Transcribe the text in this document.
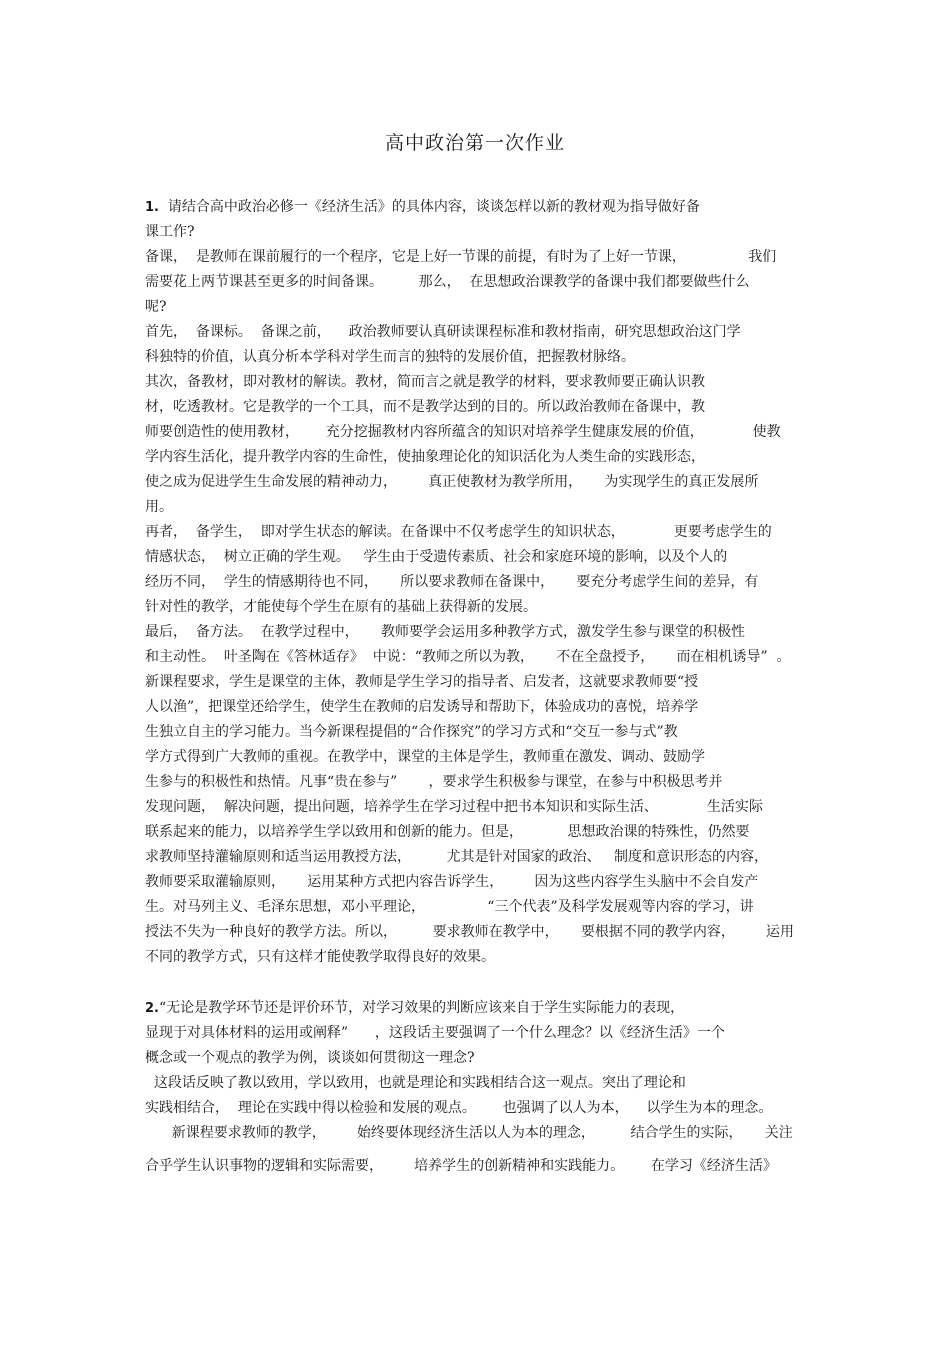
高中政治第一次作业
1. 请结合高中政治必修一《经济生活》的具体内容，谈谈怎样以新的教材观为指导做好备
课工作?
备课，  是教师在课前履行的一个程序，它是上好一节课的前提，有时为了上好一节课，              我们
需要花上两节课甚至更多的时间备课。        那么，  在思想政治课教学的备课中我们都要做些什么
呢?
首先，  备课标。  备课之前，    政治教师要认真研读课程标准和教材指南，研究思想政治这门学
科独特的价值，认真分析本学科对学生而言的独特的发展价值，把握教材脉络。
其次，备教材，即对教材的解读。教材，简而言之就是教学的材料，要求教师要正确认识教
材，吃透教材。它是教学的一个工具，而不是教学达到的目的。所以政治教师在备课中，教
师要创造性的使用教材，      充分挖掘教材内容所蕴含的知识对培养学生健康发展的价值，           使教
学内容生活化，提升教学内容的生命性，使抽象理论化的知识活化为人类生命的实践形态，
使之成为促进学生生命发展的精神动力，       真正使教材为教学所用，     为实现学生的真正发展所
用。
再者，  备学生，  即对学生状态的解读。在备课中不仅考虑学生的知识状态，           更要考虑学生的
情感状态，  树立正确的学生观。   学生由于受遗传素质、社会和家庭环境的影响，以及个人的
经历不同，  学生的情感期待也不同，     所以要求教师在备课中，     要充分考虑学生间的差异，有
针对性的教学，才能使每个学生在原有的基础上获得新的发展。
最后，  备方法。  在教学过程中，     教师要学会运用多种教学方式，激发学生参与课堂的积极性
和主动性。  叶圣陶在《答林适存》  中说：“教师之所以为教，     不在全盘授予，     而在相机诱导”  。
新课程要求，学生是课堂的主体，教师是学生学习的指导者、启发者，这就要求教师要“授
人以渔”，把课堂还给学生，使学生在教师的启发诱导和帮助下，体验成功的喜悦，培养学
生独立自主的学习能力。当今新课程提倡的“合作探究”的学习方式和“交互一参与式”教
学方式得到广大教师的重视。在教学中，课堂的主体是学生，教师重在激发、调动、鼓励学
生参与的积极性和热情。凡事“贵在参与”       ，要求学生积极参与课堂，在参与中积极思考并
发现问题，  解决问题，提出问题，培养学生在学习过程中把书本知识和实际生活、           生活实际
联系起来的能力，以培养学生学以致用和创新的能力。但是，          思想政治课的特殊性，仍然要
求教师坚持灌输原则和适当运用教授方法，        尤其是针对国家的政治、   制度和意识形态的内容，
教师要采取灌输原则，     运用某种方式把内容告诉学生，       因为这些内容学生头脑中不会自发产
生。对马列主义、毛泽东思想，邓小平理论，              “三个代表”及科学发展观等内容的学习，讲
授法不失为一种良好的教学方法。所以，        要求教师在教学中，     要根据不同的教学内容，       运用
不同的教学方式，只有这样才能使教学取得良好的效果。
2.“无论是教学环节还是评价环节，对学习效果的判断应该来自于学生实际能力的表现，
显现于对具体材料的运用或阐释”      ，这段话主要强调了一个什么理念？以《经济生活》一个
概念或一个观点的教学为例，谈谈如何贯彻这一理念?
这段话反映了教以致用，学以致用，也就是理论和实践相结合这一观点。突出了理论和
实践相结合，  理论在实践中得以检验和发展的观点。      也强调了以人为本，    以学生为本的理念。
新课程要求教师的教学，       始终要体现经济生活以人为本的理念，        结合学生的实际，     关注
合乎学生认识事物的逻辑和实际需要，       培养学生的创新精神和实践能力。      在学习《经济生活》
